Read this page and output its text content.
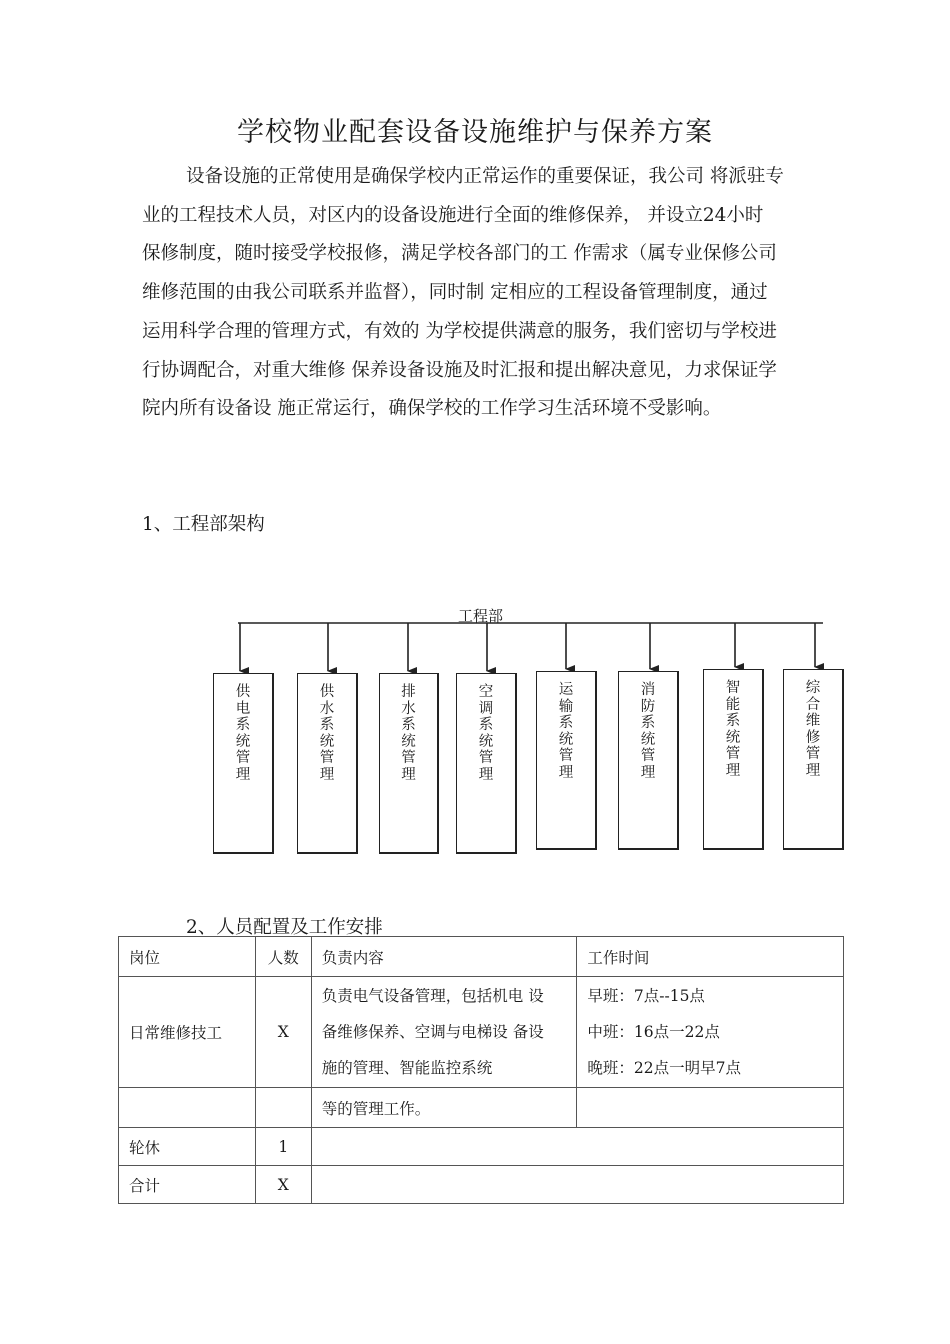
学校物业配套设备设施维护与保养方案
设备设施的正常使用是确保学校内正常运作的重要保证，我公司 将派驻专
业的工程技术人员，对区内的设备设施进行全面的维修保养， 并设立24小时
保修制度，随时接受学校报修，满足学校各部门的工 作需求（属专业保修公司
维修范围的由我公司联系并监督），同时制 定相应的工程设备管理制度，通过
运用科学合理的管理方式，有效的 为学校提供满意的服务，我们密切与学校进
行协调配合，对重大维修 保养设备设施及时汇报和提出解决意见，力求保证学
院内所有设备设 施正常运行，确保学校的工作学习生活环境不受影响。
1、工程部架构
工程部
供
电
系
统
管
理
供
水
系
统
管
理
排
水
系
统
管
理
空
调
系
统
管
理
运
输
系
统
管
理
消
防
系
统
管
理
智
能
系
统
管
理
综
合
维
修
管
理
2、人员配置及工作安排
岗位	人数	负责内容	工作时间
日常维修技工	X	负责电气设备管理，包括机电 设
备维修保养、空调与电梯设 备设
施的管理、智能监控系统	早班：7点--15点
中班：16点一22点
晚班：22点一明早7点

		等的管理工作。	
轮休	1		
合计	X		
